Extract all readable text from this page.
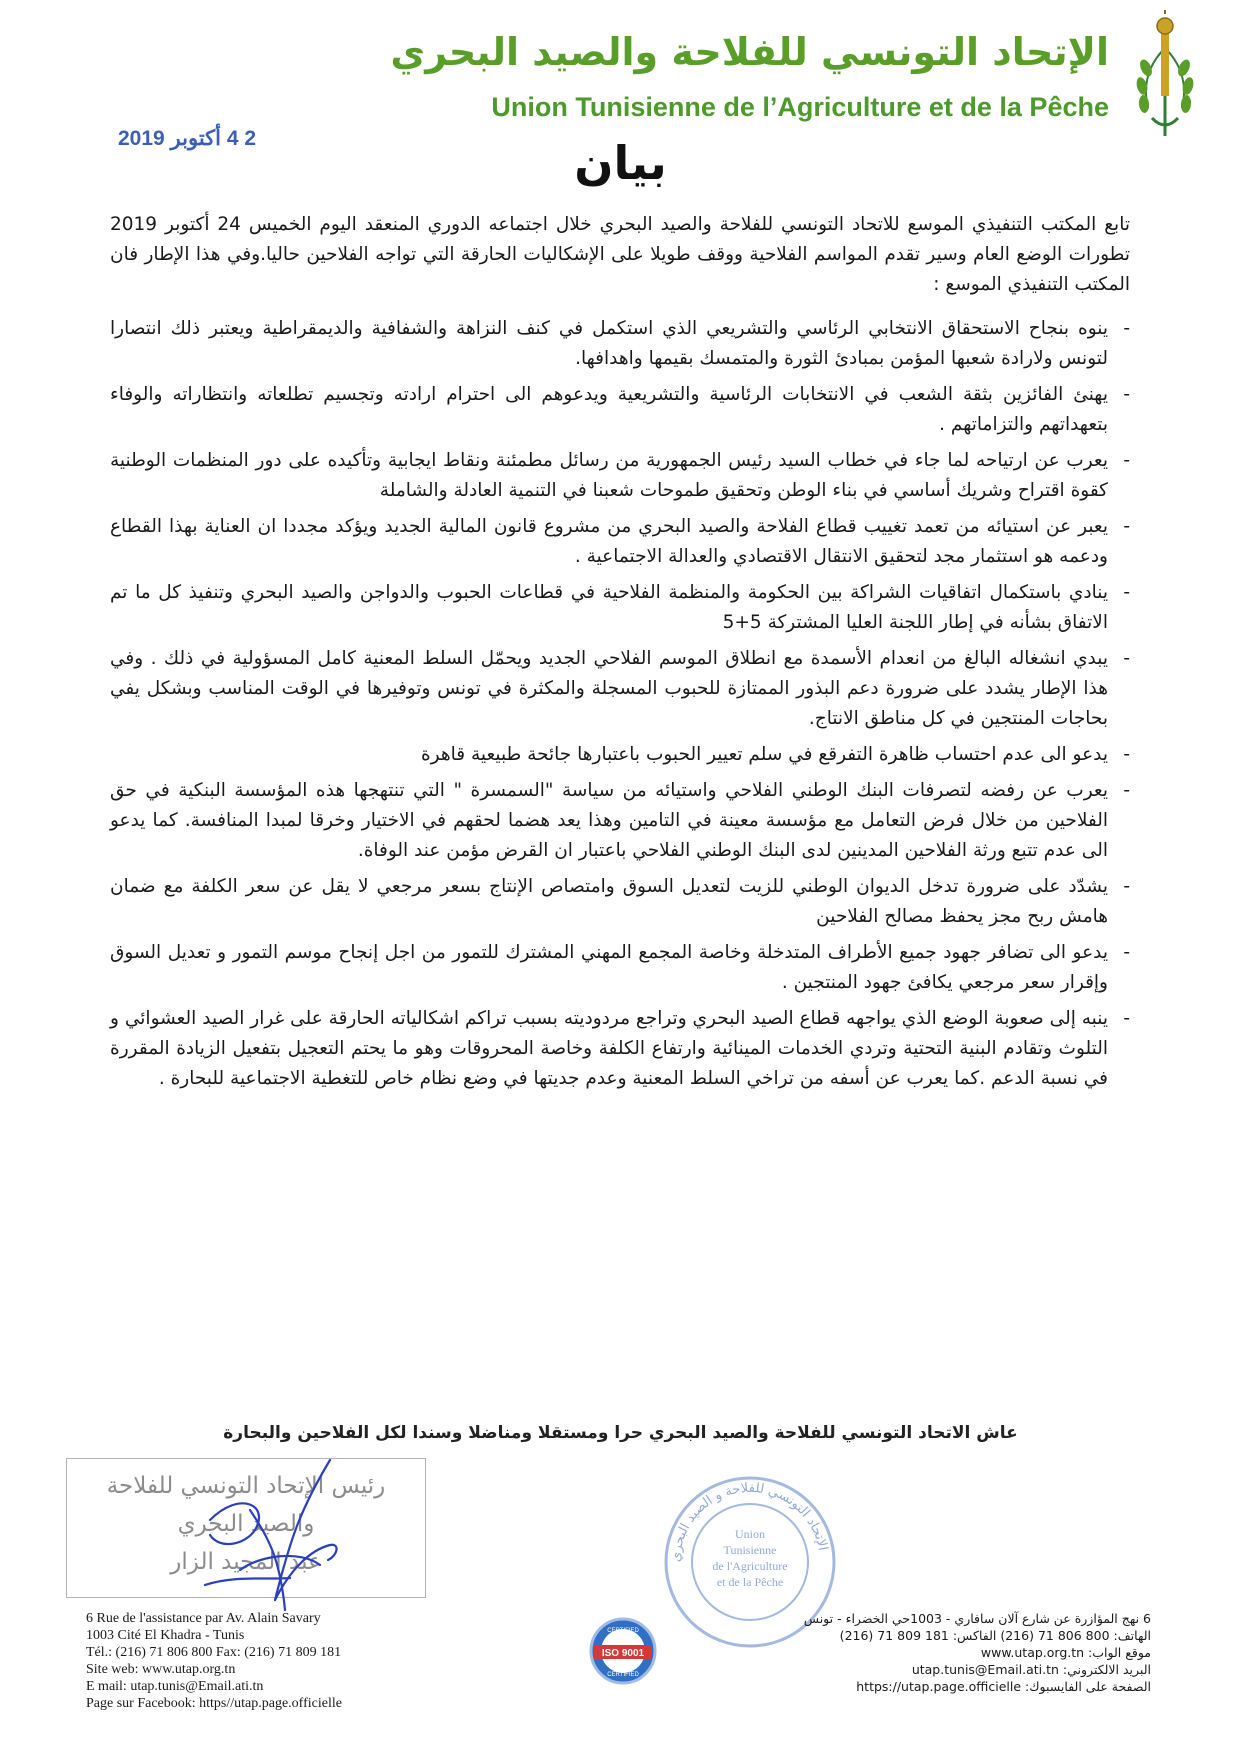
الإتحاد التونسي للفلاحة والصيد البحري
Union Tunisienne de l’Agriculture et de la Pêche
2 4 أكتوبر 2019	بيان

تابع المكتب التنفيذي الموسع للاتحاد التونسي للفلاحة والصيد البحري خلال اجتماعه الدوري المنعقد اليوم الخميس 24 أكتوبر 2019 تطورات الوضع العام وسير تقدم المواسم الفلاحية ووقف طويلا على الإشكاليات الحارقة التي تواجه الفلاحين حاليا.وفي هذا الإطار فان المكتب التنفيذي الموسع :

-
ينوه بنجاح الاستحقاق الانتخابي الرئاسي والتشريعي الذي استكمل في كنف النزاهة والشفافية والديمقراطية ويعتبر ذلك انتصارا لتونس ولارادة شعبها المؤمن بمبادئ الثورة والمتمسك بقيمها واهدافها.
-
يهنئ الفائزين بثقة الشعب في الانتخابات الرئاسية والتشريعية ويدعوهم الى احترام ارادته وتجسيم تطلعاته وانتظاراته والوفاء بتعهداتهم والتزاماتهم .
-
يعرب عن ارتياحه لما جاء في خطاب السيد رئيس الجمهورية من رسائل مطمئنة ونقاط ايجابية وتأكيده على دور المنظمات الوطنية كقوة اقتراح وشريك أساسي في بناء الوطن وتحقيق طموحات شعبنا في التنمية العادلة والشاملة
-
يعبر عن استيائه من تعمد تغييب قطاع الفلاحة والصيد البحري من مشروع قانون المالية الجديد ويؤكد مجددا ان العناية بهذا القطاع ودعمه هو استثمار مجد لتحقيق الانتقال الاقتصادي والعدالة الاجتماعية .
-
ينادي باستكمال اتفاقيات الشراكة بين الحكومة والمنظمة الفلاحية في قطاعات الحبوب والدواجن والصيد البحري وتنفيذ كل ما تم الاتفاق بشأنه في إطار اللجنة العليا المشتركة 5+5
-
يبدي انشغاله البالغ من انعدام الأسمدة مع انطلاق الموسم الفلاحي الجديد ويحمّل السلط المعنية كامل المسؤولية في ذلك . وفي هذا الإطار يشدد على ضرورة دعم البذور الممتازة للحبوب المسجلة والمكثرة في تونس وتوفيرها في الوقت المناسب وبشكل يفي بحاجات المنتجين في كل مناطق الانتاج.
-
يدعو الى عدم احتساب ظاهرة التفرقع في سلم تعيير الحبوب باعتبارها جائحة طبيعية قاهرة
-
يعرب عن رفضه لتصرفات البنك الوطني الفلاحي واستيائه من سياسة "السمسرة " التي تنتهجها هذه المؤسسة البنكية في حق الفلاحين من خلال فرض التعامل مع مؤسسة معينة في التامين وهذا يعد هضما لحقهم في الاختيار وخرقا لمبدا المنافسة. كما يدعو الى عدم تتبع ورثة الفلاحين المدينين لدى البنك الوطني الفلاحي باعتبار ان القرض مؤمن عند الوفاة.
-
يشدّد على ضرورة تدخل الديوان الوطني للزيت لتعديل السوق وامتصاص الإنتاج بسعر مرجعي لا يقل عن سعر الكلفة مع ضمان هامش ربح مجز يحفظ مصالح الفلاحين
-
يدعو الى تضافر جهود جميع الأطراف المتدخلة وخاصة المجمع المهني المشترك للتمور من اجل إنجاح موسم التمور و تعديل السوق وإقرار سعر مرجعي يكافئ جهود المنتجين .
-
ينبه إلى صعوبة الوضع الذي يواجهه قطاع الصيد البحري وتراجع مردوديته بسبب تراكم اشكالياته الحارقة على غرار الصيد العشوائي و التلوث وتقادم البنية التحتية وتردي الخدمات المينائية وارتفاع الكلفة وخاصة المحروقات وهو ما يحتم التعجيل بتفعيل الزيادة المقررة في نسبة الدعم .كما يعرب عن أسفه من تراخي السلط المعنية وعدم جديتها في وضع نظام خاص للتغطية الاجتماعية للبحارة .
عاش الاتحاد التونسي للفلاحة والصيد البحري حرا ومستقلا ومناضلا وسندا لكل الفلاحين والبحارة
رئيس الإتحاد التونسي للفلاحة
والصيد البحري
عبد المجيد الزار	الإتحاد التونسي للفلاحة و الصيد البحري
Union
Tunisienne
de l'Agriculture
et de la Pêche
6 Rue de l'assistance par Av. Alain Savary
1003 Cité El Khadra - Tunis
Tél.: (216) 71 806 800 Fax: (216) 71 809 181
Site web: www.utap.org.tn
E mail: utap.tunis@Email.ati.tn
Page sur Facebook: https//utap.page.officielle
ISO 9001
CERTIFIED
CERTIFIED
6 نهج المؤازرة عن شارع آلان سافاري - 1003حي الخضراء - تونس
الهاتف: 800 806 71 (216) الفاكس: 181 809 71 (216)
موقع الواب: www.utap.org.tn
البريد الالكتروني: utap.tunis@Email.ati.tn
الصفحة على الفايسبوك: https://utap.page.officielle
